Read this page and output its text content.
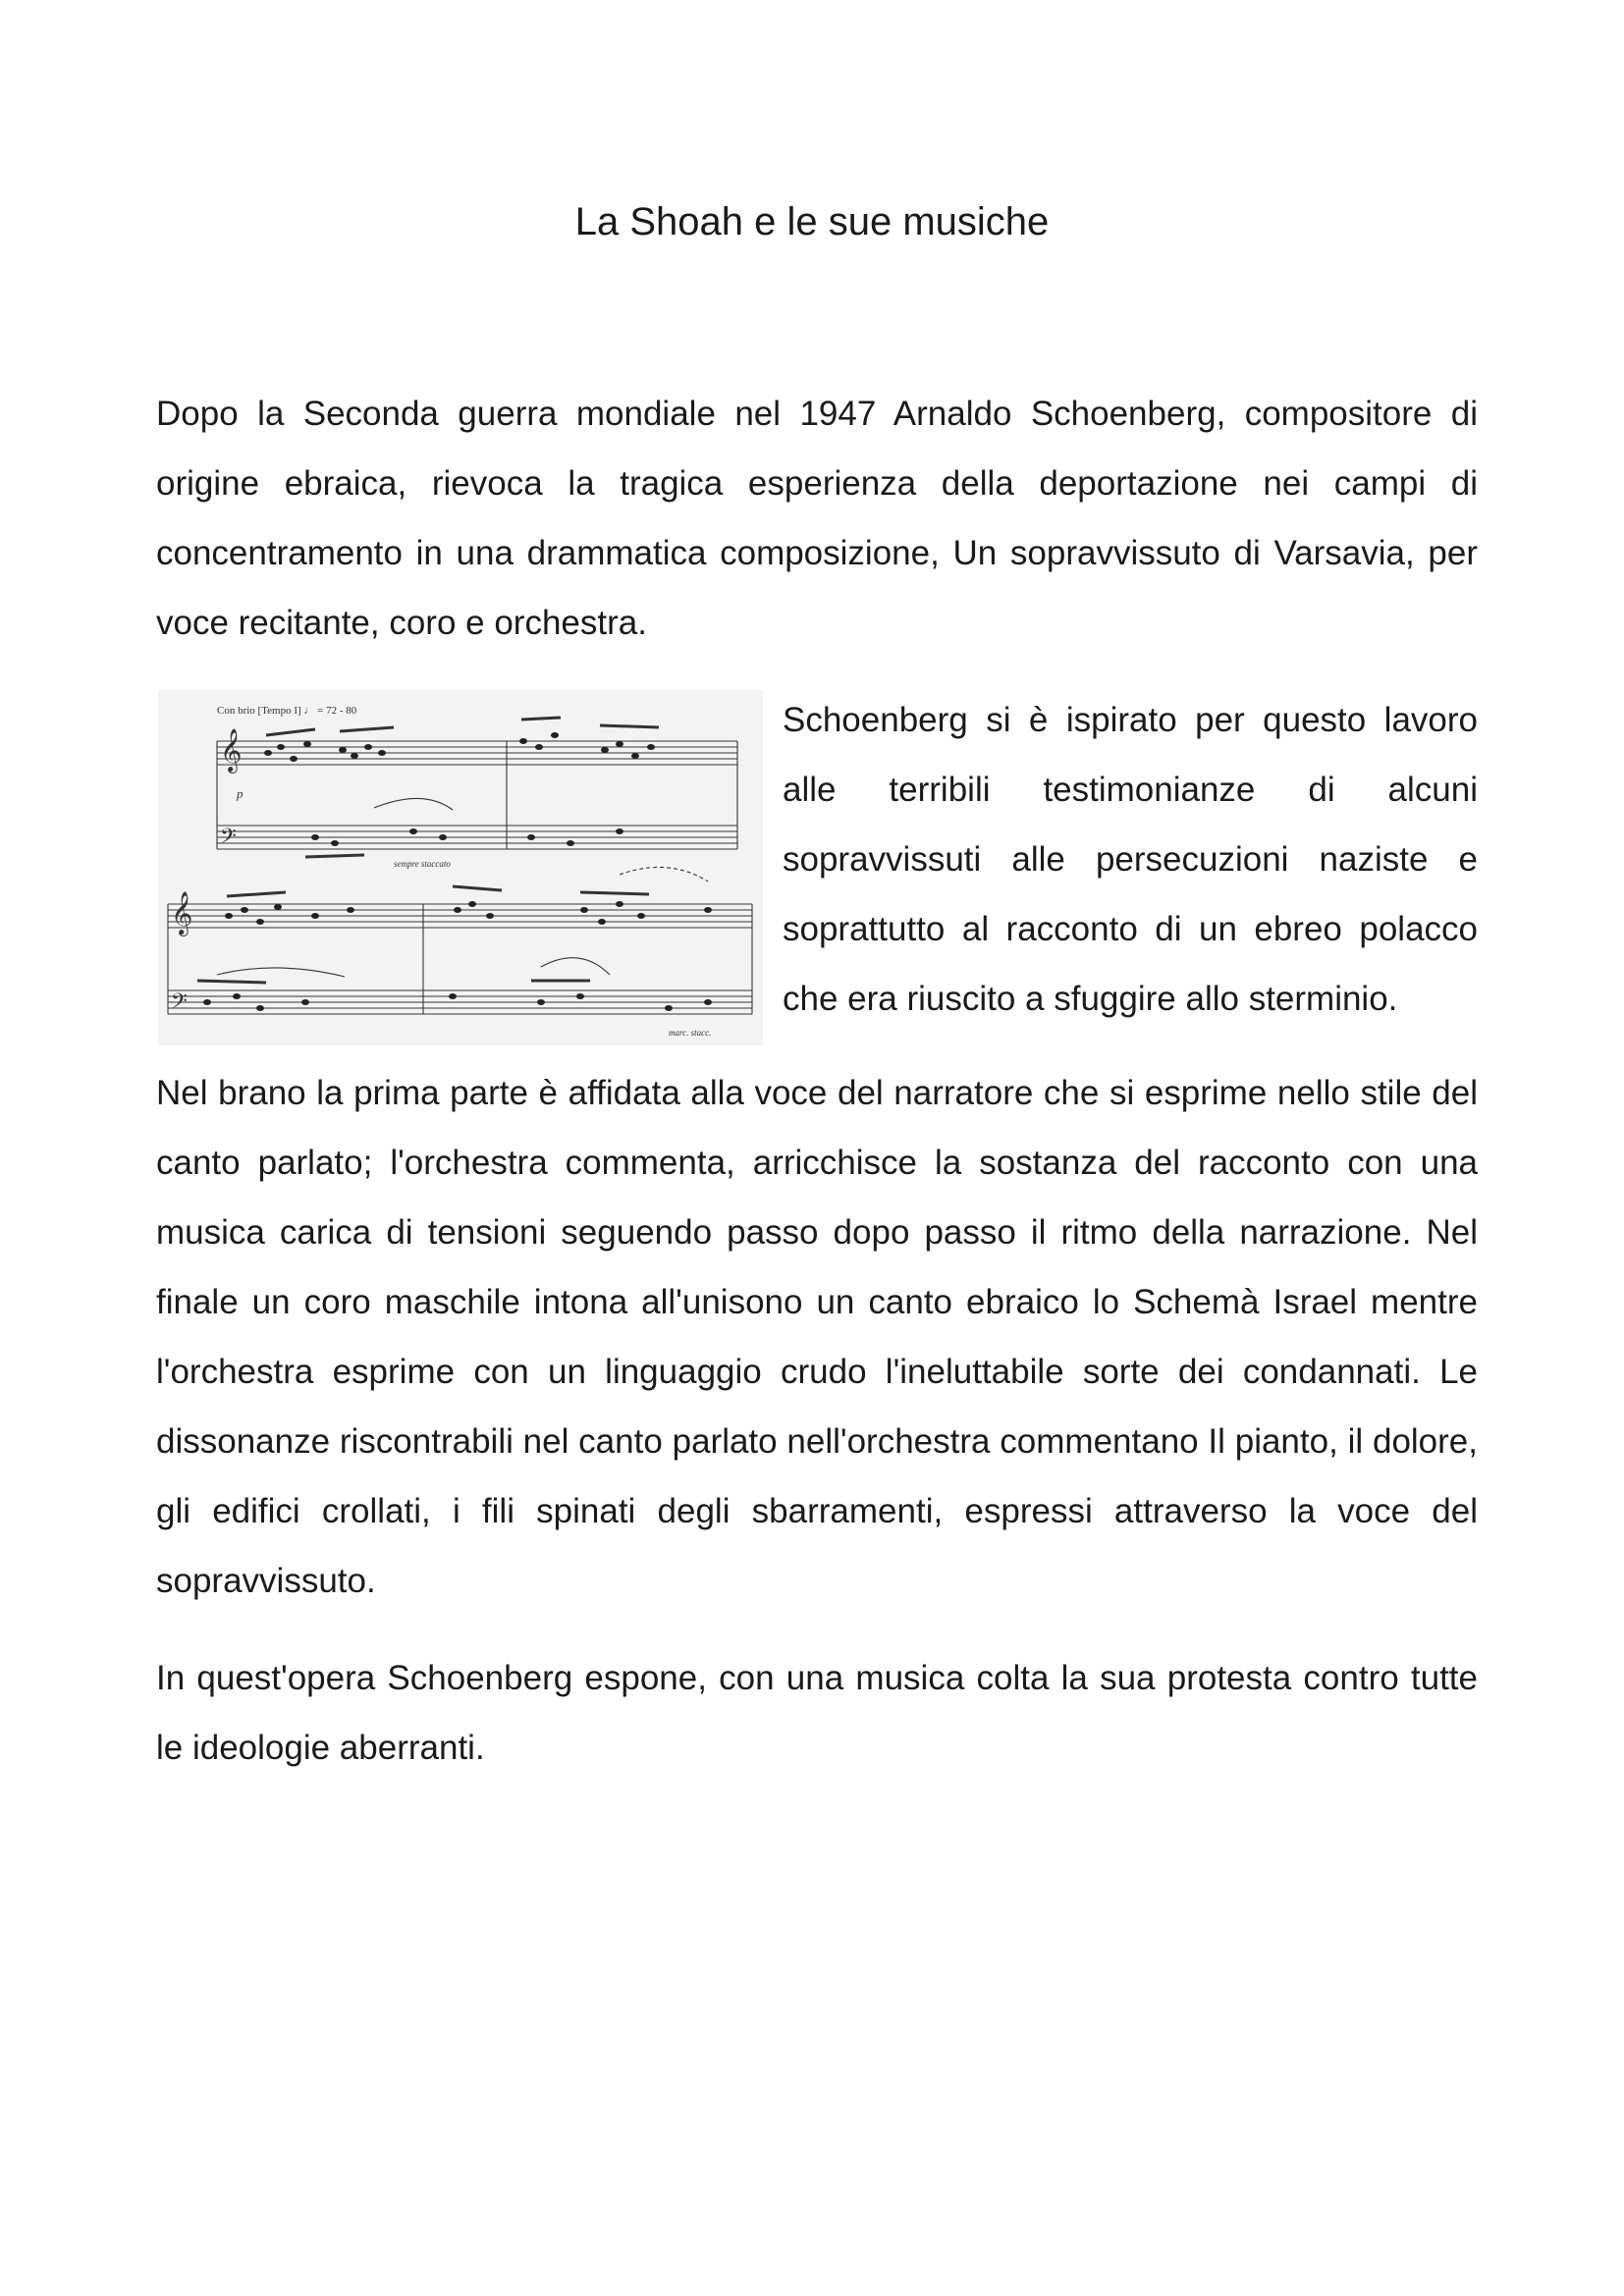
La Shoah e le sue musiche

Dopo la Seconda guerra mondiale nel 1947 Arnaldo Schoenberg, compositore di origine ebraica, rievoca la tragica esperienza della deportazione nei campi di concentramento in una drammatica composizione, Un sopravvissuto di Varsavia, per voce recitante, coro e orchestra.

Con brio [Tempo I] ♩ = 72 - 80
p
sempre staccato
marc. stacc.
𝄞
𝄢
𝄞
𝄢

Schoenberg si è ispirato per questo lavoro alle terribili testimonianze di alcuni sopravvissuti alle persecuzioni naziste e soprattutto al racconto di un ebreo polacco che era riuscito a sfuggire allo sterminio.

Nel brano la prima parte è affidata alla voce del narratore che si esprime nello stile del canto parlato; l'orchestra commenta, arricchisce la sostanza del racconto con una musica carica di tensioni seguendo passo dopo passo il ritmo della narrazione. Nel finale un coro maschile intona all'unisono un canto ebraico lo Schemà Israel mentre l'orchestra esprime con un linguaggio crudo l'ineluttabile sorte dei condannati. Le dissonanze riscontrabili nel canto parlato nell'orchestra commentano Il pianto, il dolore, gli edifici crollati, i fili spinati degli sbarramenti, espressi attraverso la voce del sopravvissuto.

In quest'opera Schoenberg espone, con una musica colta la sua protesta contro tutte le ideologie aberranti.
